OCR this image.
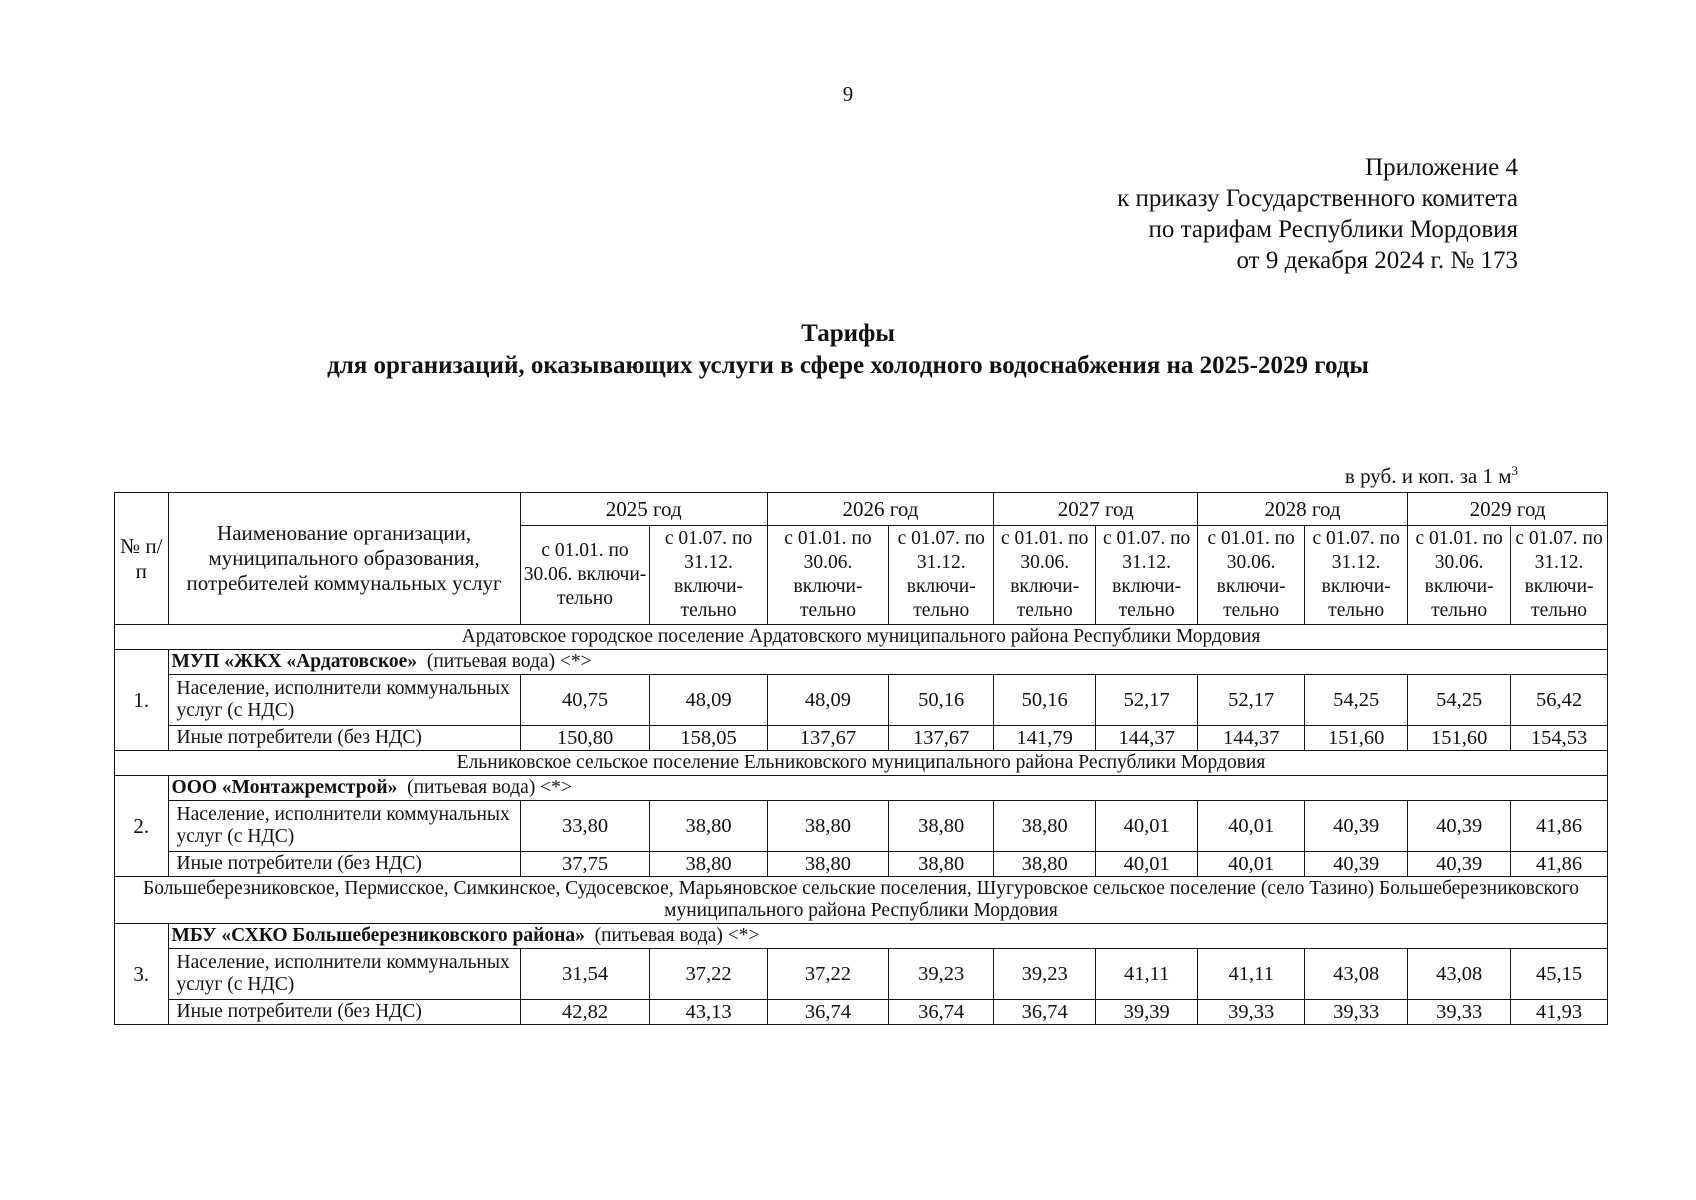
9
Приложение 4
к приказу Государственного комитета
по тарифам Республики Мордовия
от 9 декабря 2024 г. № 173
Тарифы
для организаций, оказывающих услуги в сфере холодного водоснабжения на 2025-2029 годы
в руб. и коп. за 1 $м^3$
№ п/п	Наименование организации, муниципального образования, потребителей коммунальных услуг	2025 год		2026 год		2027 год		2028 год		2029 год	
		с 01.01. по 30.06. включи- тельно	с 01.07. по 31.12. включи- тельно	с 01.01. по 30.06. включи- тельно	с 01.07. по 31.12. включи- тельно	с 01.01. по 30.06. включи- тельно	с 01.07. по 31.12. включи- тельно	с 01.01. по 30.06. включи- тельно	с 01.07. по 31.12. включи- тельно	с 01.01. по 30.06. включи- тельно	с 01.07. по 31.12. включи- тельно
Ардатовское городское поселение Ардатовского муниципального района Республики Мордовия											
1.	МУП «ЖКХ «Ардатовское» (питьевая вода) <*>										
	Население, исполнители коммунальных услуг (с НДС)	40,75	48,09	48,09	50,16	50,16	52,17	52,17	54,25	54,25	56,42
	Иные потребители (без НДС)	150,80	158,05	137,67	137,67	141,79	144,37	144,37	151,60	151,60	154,53
Ельниковское сельское поселение Ельниковского муниципального района Республики Мордовия											
2.	ООО «Монтажремстрой» (питьевая вода) <*>										
	Население, исполнители коммунальных услуг (с НДС)	33,80	38,80	38,80	38,80	38,80	40,01	40,01	40,39	40,39	41,86
	Иные потребители (без НДС)	37,75	38,80	38,80	38,80	38,80	40,01	40,01	40,39	40,39	41,86
Большеберезниковское, Пермисское, Симкинское, Судосевское, Марьяновское сельские поселения, Шугуровское сельское поселение (село Тазино) Большеберезниковского муниципального района Республики Мордовия											
3.	МБУ «СХКО Большеберезниковского района» (питьевая вода) <*>										
	Население, исполнители коммунальных услуг (с НДС)	31,54	37,22	37,22	39,23	39,23	41,11	41,11	43,08	43,08	45,15
	Иные потребители (без НДС)	42,82	43,13	36,74	36,74	36,74	39,39	39,33	39,33	39,33	41,93
